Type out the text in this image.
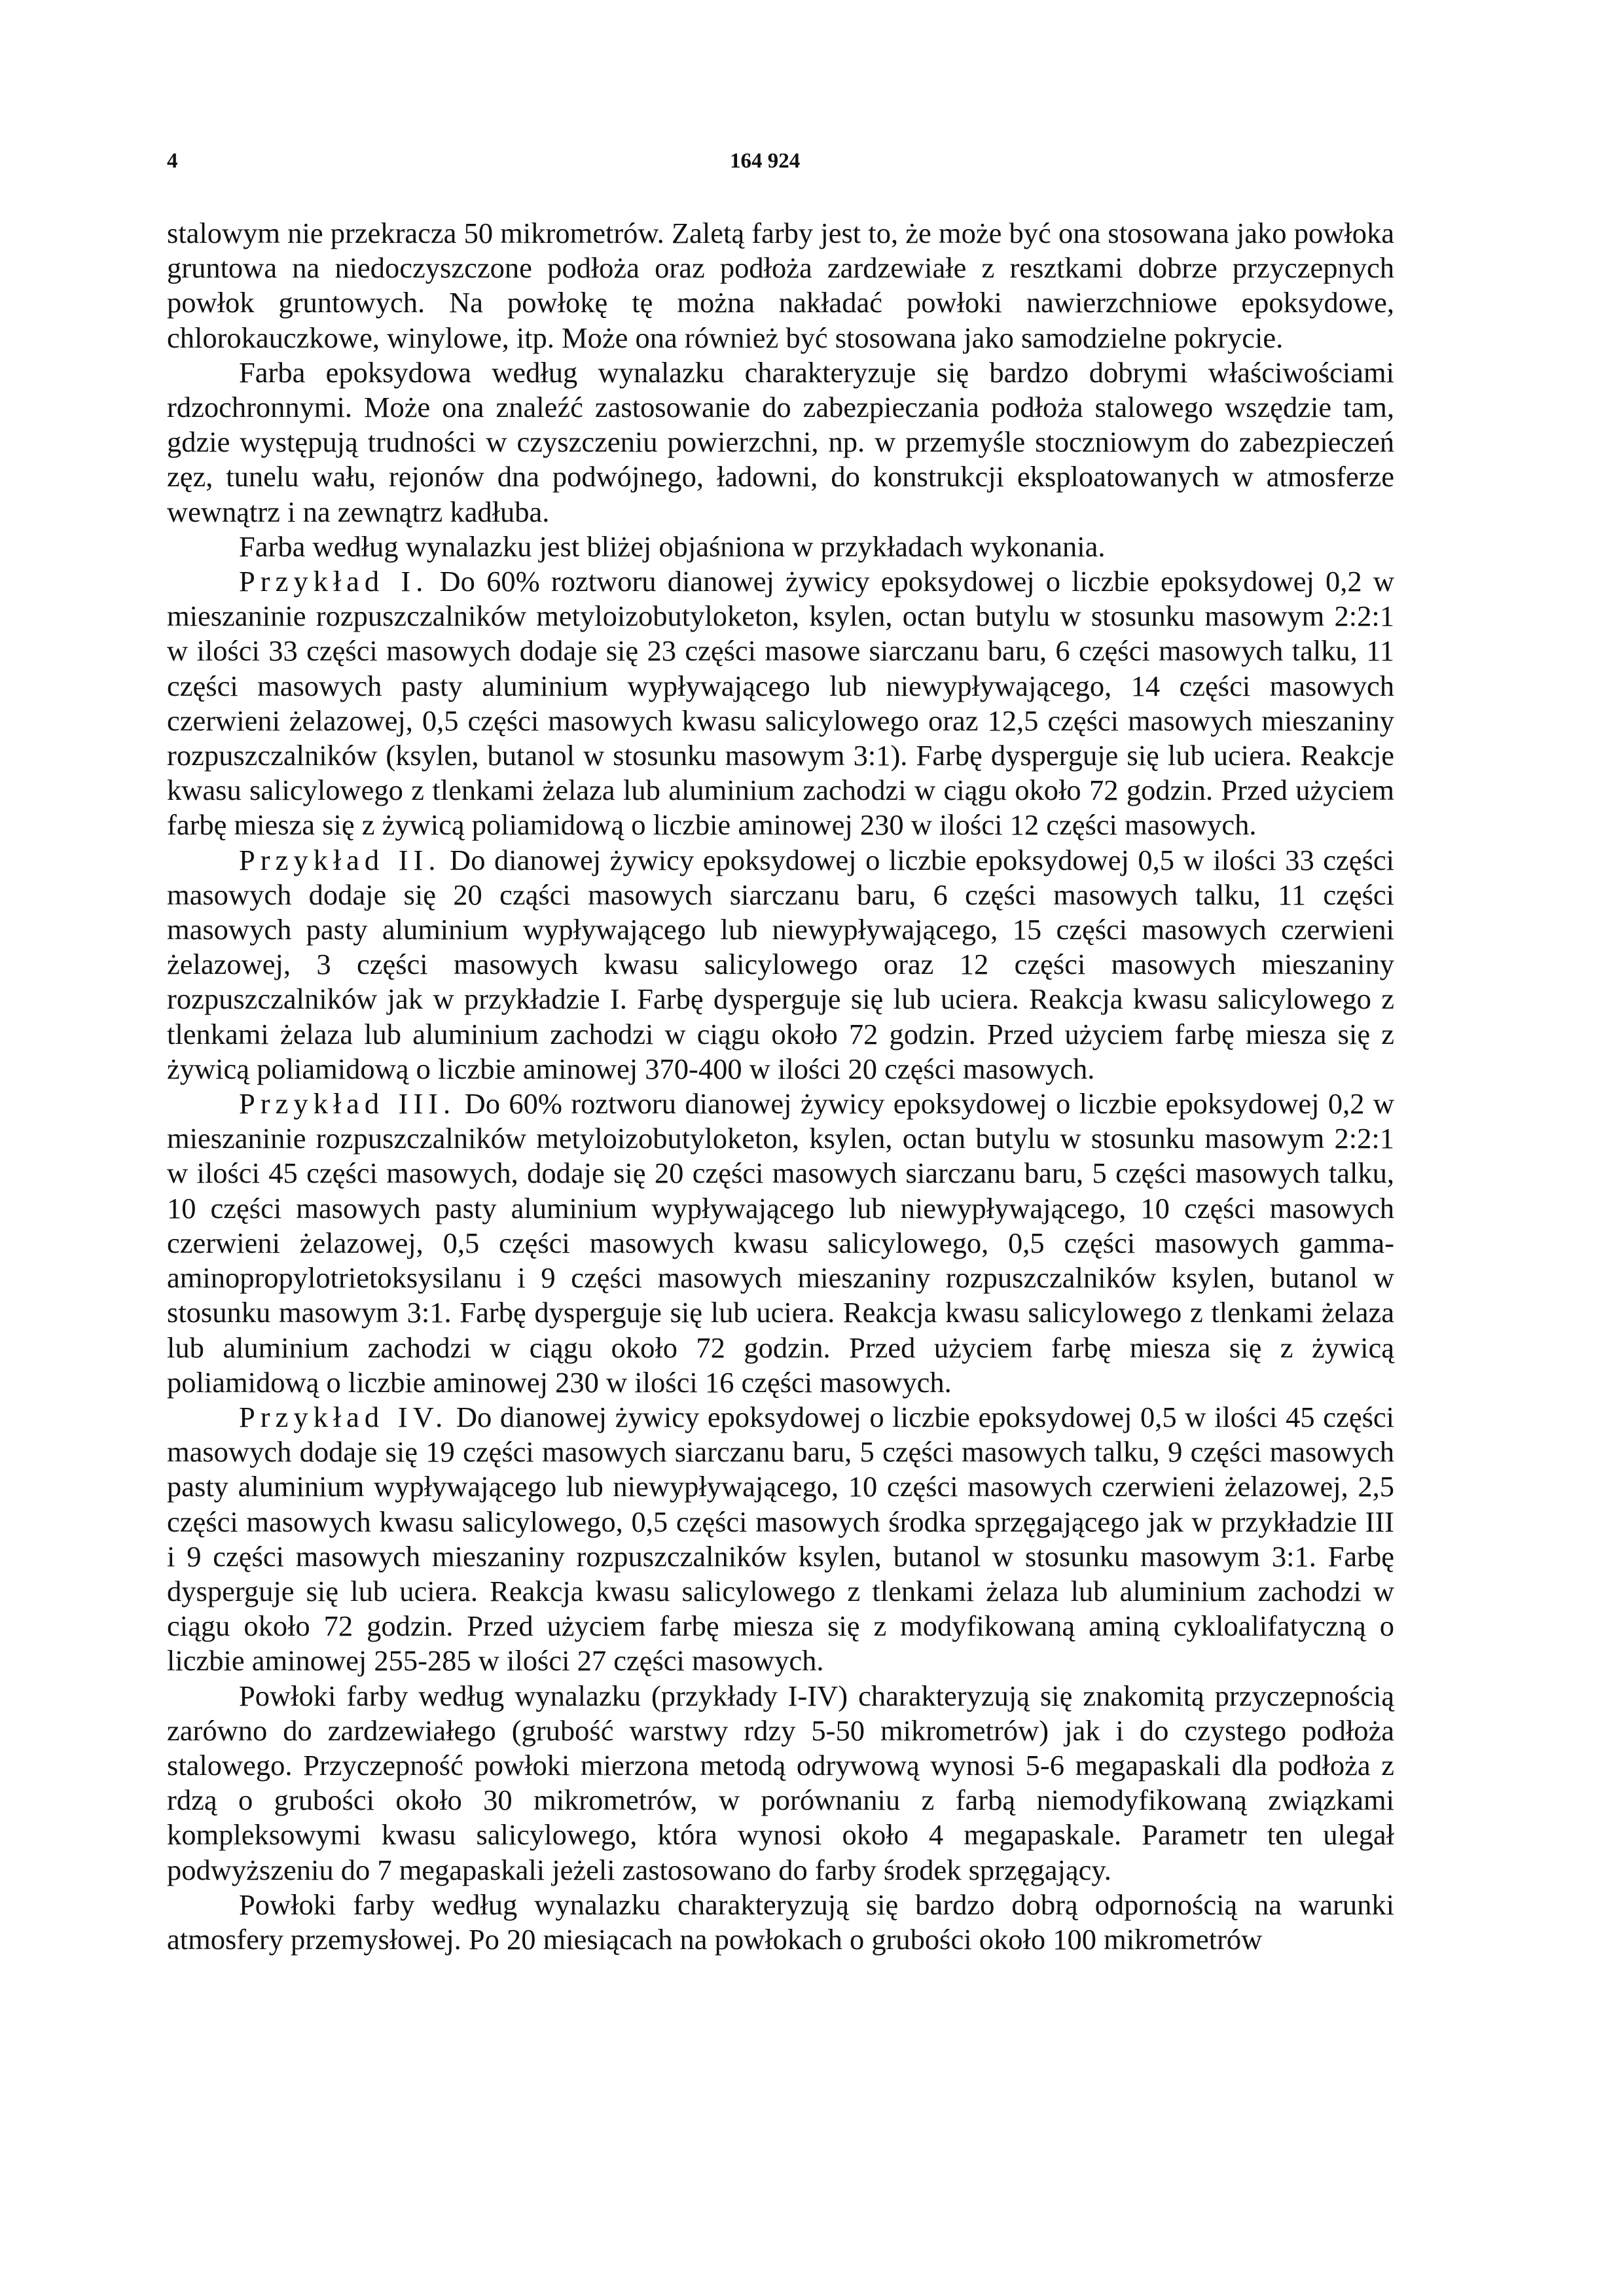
4	164 924

stalowym nie przekracza 50 mikrometrów. Zaletą farby jest to, że może być ona stosowana jako powłoka gruntowa na niedoczyszczone podłoża oraz podłoża zardzewiałe z resztkami dobrze przyczepnych powłok gruntowych. Na powłokę tę można nakładać powłoki nawierzchniowe epoksydowe, chlorokauczkowe, winylowe, itp. Może ona również być stosowana jako samodzielne pokrycie.

Farba epoksydowa według wynalazku charakteryzuje się bardzo dobrymi właściwościami rdzochronnymi. Może ona znaleźć zastosowanie do zabezpieczania podłoża stalowego wszędzie tam, gdzie występują trudności w czyszczeniu powierzchni, np. w przemyśle stoczniowym do zabezpieczeń zęz, tunelu wału, rejonów dna podwójnego, ładowni, do konstrukcji eksploatowanych w atmosferze wewnątrz i na zewnątrz kadłuba.

Farba według wynalazku jest bliżej objaśniona w przykładach wykonania.

Przykład I. Do 60% roztworu dianowej żywicy epoksydowej o liczbie epoksydowej 0,2 w mieszaninie rozpuszczalników metyloizobutyloketon, ksylen, octan butylu w stosunku masowym 2:2:1 w ilości 33 części masowych dodaje się 23 części masowe siarczanu baru, 6 części masowych talku, 11 części masowych pasty aluminium wypływającego lub niewypływającego, 14 części masowych czerwieni żelazowej, 0,5 części masowych kwasu salicylowego oraz 12,5 części masowych mieszaniny rozpuszczalników (ksylen, butanol w stosunku masowym 3:1). Farbę dysperguje się lub uciera. Reakcje kwasu salicylowego z tlenkami żelaza lub aluminium zachodzi w ciągu około 72 godzin. Przed użyciem farbę miesza się z żywicą poliamidową o liczbie aminowej 230 w ilości 12 części masowych.

Przykład II. Do dianowej żywicy epoksydowej o liczbie epoksydowej 0,5 w ilości 33 części masowych dodaje się 20 cząści masowych siarczanu baru, 6 części masowych talku, 11 części masowych pasty aluminium wypływającego lub niewypływającego, 15 części masowych czerwieni żelazowej, 3 części masowych kwasu salicylowego oraz 12 części masowych mieszaniny rozpuszczalników jak w przykładzie I. Farbę dysperguje się lub uciera. Reakcja kwasu salicylowego z tlenkami żelaza lub aluminium zachodzi w ciągu około 72 godzin. Przed użyciem farbę miesza się z żywicą poliamidową o liczbie aminowej 370-400 w ilości 20 części masowych.

Przykład III. Do 60% roztworu dianowej żywicy epoksydowej o liczbie epoksydowej 0,2 w mieszaninie rozpuszczalników metyloizobutyloketon, ksylen, octan butylu w stosunku masowym 2:2:1 w ilości 45 części masowych, dodaje się 20 części masowych siarczanu baru, 5 części masowych talku, 10 części masowych pasty aluminium wypływającego lub niewypływającego, 10 części masowych czerwieni żelazowej, 0,5 części masowych kwasu salicylowego, 0,5 części masowych gamma-aminopropylotrietoksysilanu i 9 części masowych mieszaniny rozpuszczalników ksylen, butanol w stosunku masowym 3:1. Farbę dysperguje się lub uciera. Reakcja kwasu salicylowego z tlenkami żelaza lub aluminium zachodzi w ciągu około 72 godzin. Przed użyciem farbę miesza się z żywicą poliamidową o liczbie aminowej 230 w ilości 16 części masowych.

Przykład IV. Do dianowej żywicy epoksydowej o liczbie epoksydowej 0,5 w ilości 45 części masowych dodaje się 19 części masowych siarczanu baru, 5 części masowych talku, 9 części masowych pasty aluminium wypływającego lub niewypływającego, 10 części masowych czerwieni żelazowej, 2,5 części masowych kwasu salicylowego, 0,5 części masowych środka sprzęgającego jak w przykładzie III i 9 części masowych mieszaniny rozpuszczalników ksylen, butanol w stosunku masowym 3:1. Farbę dysperguje się lub uciera. Reakcja kwasu salicylowego z tlenkami żelaza lub aluminium zachodzi w ciągu około 72 godzin. Przed użyciem farbę miesza się z modyfikowaną aminą cykloalifatyczną o liczbie aminowej 255-285 w ilości 27 części masowych.

Powłoki farby według wynalazku (przykłady I-IV) charakteryzują się znakomitą przyczepnością zarówno do zardzewiałego (grubość warstwy rdzy 5-50 mikrometrów) jak i do czystego podłoża stalowego. Przyczepność powłoki mierzona metodą odrywową wynosi 5-6 megapaskali dla podłoża z rdzą o grubości około 30 mikrometrów, w porównaniu z farbą niemodyfikowaną związkami kompleksowymi kwasu salicylowego, która wynosi około 4 megapaskale. Parametr ten ulegał podwyższeniu do 7 megapaskali jeżeli zastosowano do farby środek sprzęgający.

Powłoki farby według wynalazku charakteryzują się bardzo dobrą odpornością na warunki atmosfery przemysłowej. Po 20 miesiącach na powłokach o grubości około 100 mikrometrów
